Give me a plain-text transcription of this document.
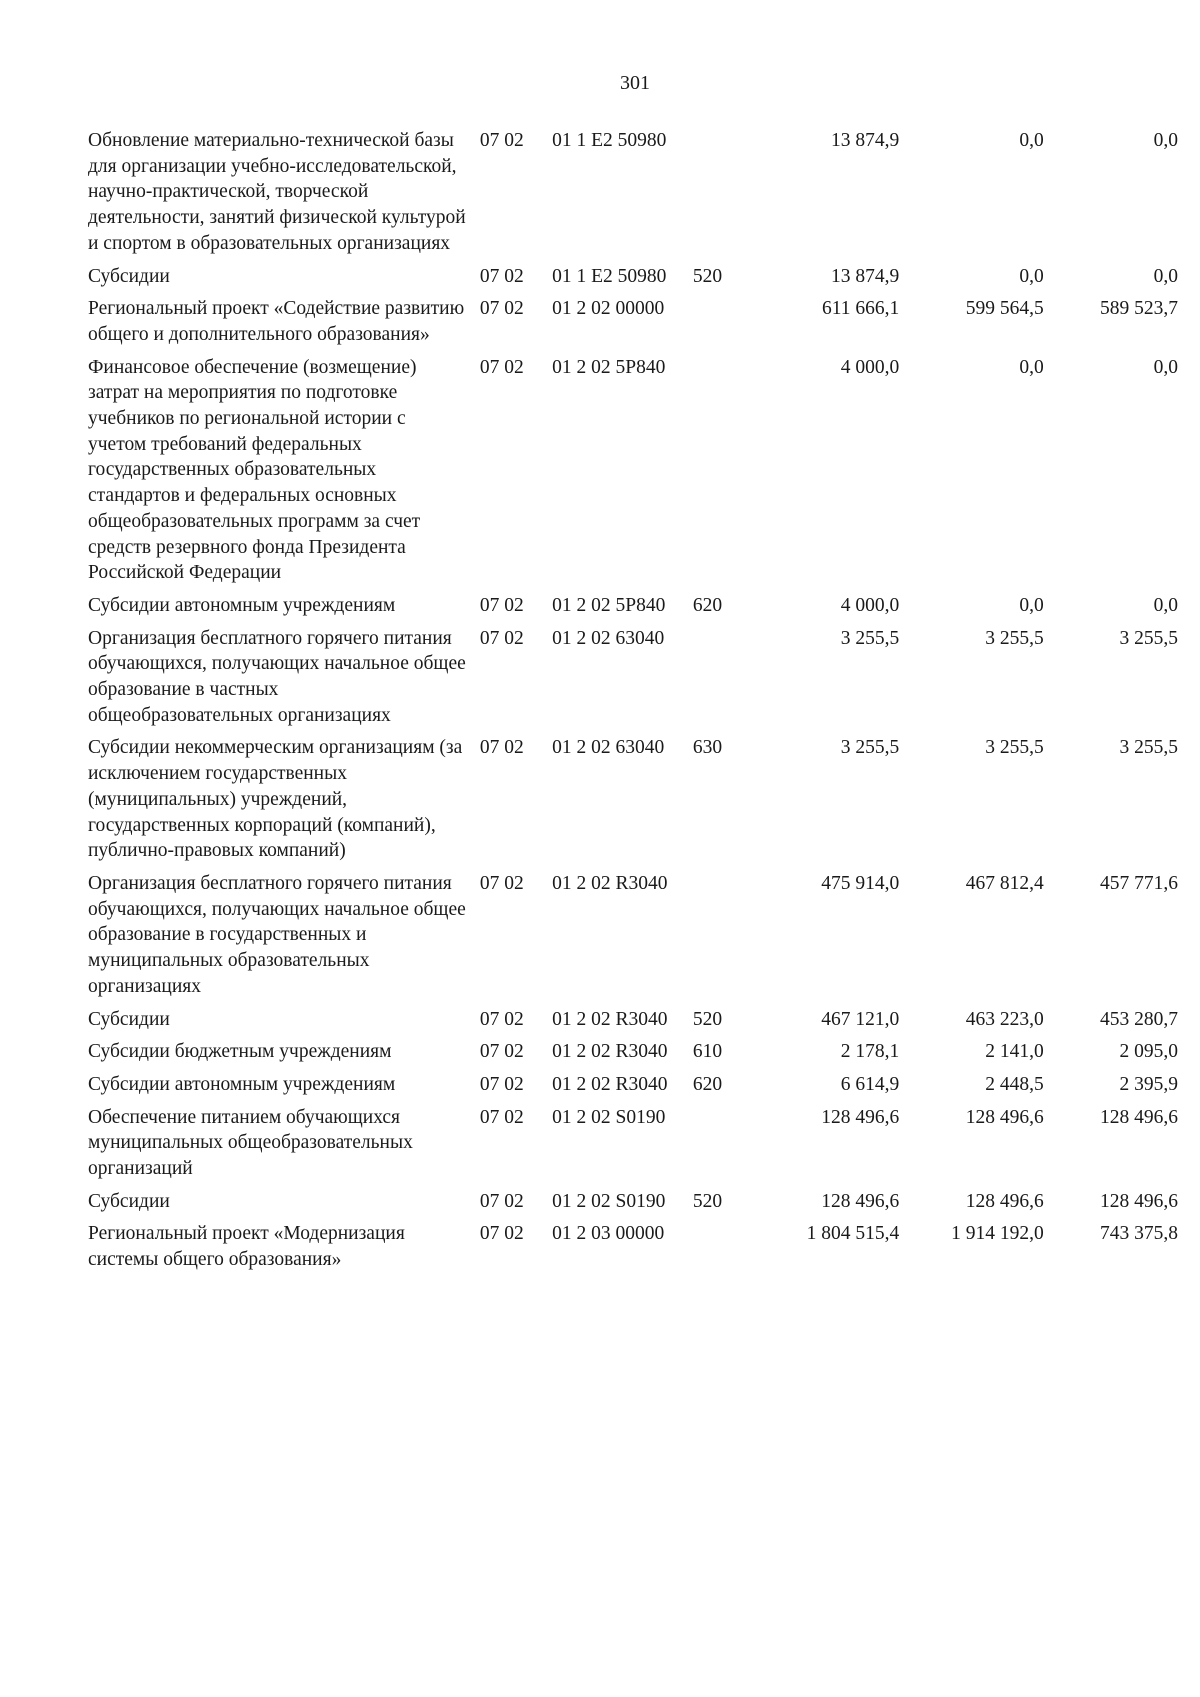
301
Обновление материально-технической базы для организации учебно-исследовательской, научно-практической, творческой деятельности, занятий физической культурой и спортом в образовательных организациях	07 02	01 1 E2 50980		13 874,9	0,0	0,0
Субсидии	07 02	01 1 E2 50980	520	13 874,9	0,0	0,0
Региональный проект «Содействие развитию общего и дополнительного образования»	07 02	01 2 02 00000		611 666,1	599 564,5	589 523,7
Финансовое обеспечение (возмещение) затрат на мероприятия по подготовке учебников по региональной истории с учетом требований федеральных государственных образовательных стандартов и федеральных основных общеобразовательных программ за счет средств резервного фонда Президента Российской Федерации	07 02	01 2 02 5P840		4 000,0	0,0	0,0
Субсидии автономным учреждениям	07 02	01 2 02 5P840	620	4 000,0	0,0	0,0
Организация бесплатного горячего питания обучающихся, получающих начальное общее образование в частных общеобразовательных организациях	07 02	01 2 02 63040		3 255,5	3 255,5	3 255,5
Субсидии некоммерческим организациям (за исключением государственных (муниципальных) учреждений, государственных корпораций (компаний), публично-правовых компаний)	07 02	01 2 02 63040	630	3 255,5	3 255,5	3 255,5
Организация бесплатного горячего питания обучающихся, получающих начальное общее образование в государственных и муниципальных образовательных организациях	07 02	01 2 02 R3040		475 914,0	467 812,4	457 771,6
Субсидии	07 02	01 2 02 R3040	520	467 121,0	463 223,0	453 280,7
Субсидии бюджетным учреждениям	07 02	01 2 02 R3040	610	2 178,1	2 141,0	2 095,0
Субсидии автономным учреждениям	07 02	01 2 02 R3040	620	6 614,9	2 448,5	2 395,9
Обеспечение питанием обучающихся муниципальных общеобразовательных организаций	07 02	01 2 02 S0190		128 496,6	128 496,6	128 496,6
Субсидии	07 02	01 2 02 S0190	520	128 496,6	128 496,6	128 496,6
Региональный проект «Модернизация системы общего образования»	07 02	01 2 03 00000		1 804 515,4	1 914 192,0	743 375,8
